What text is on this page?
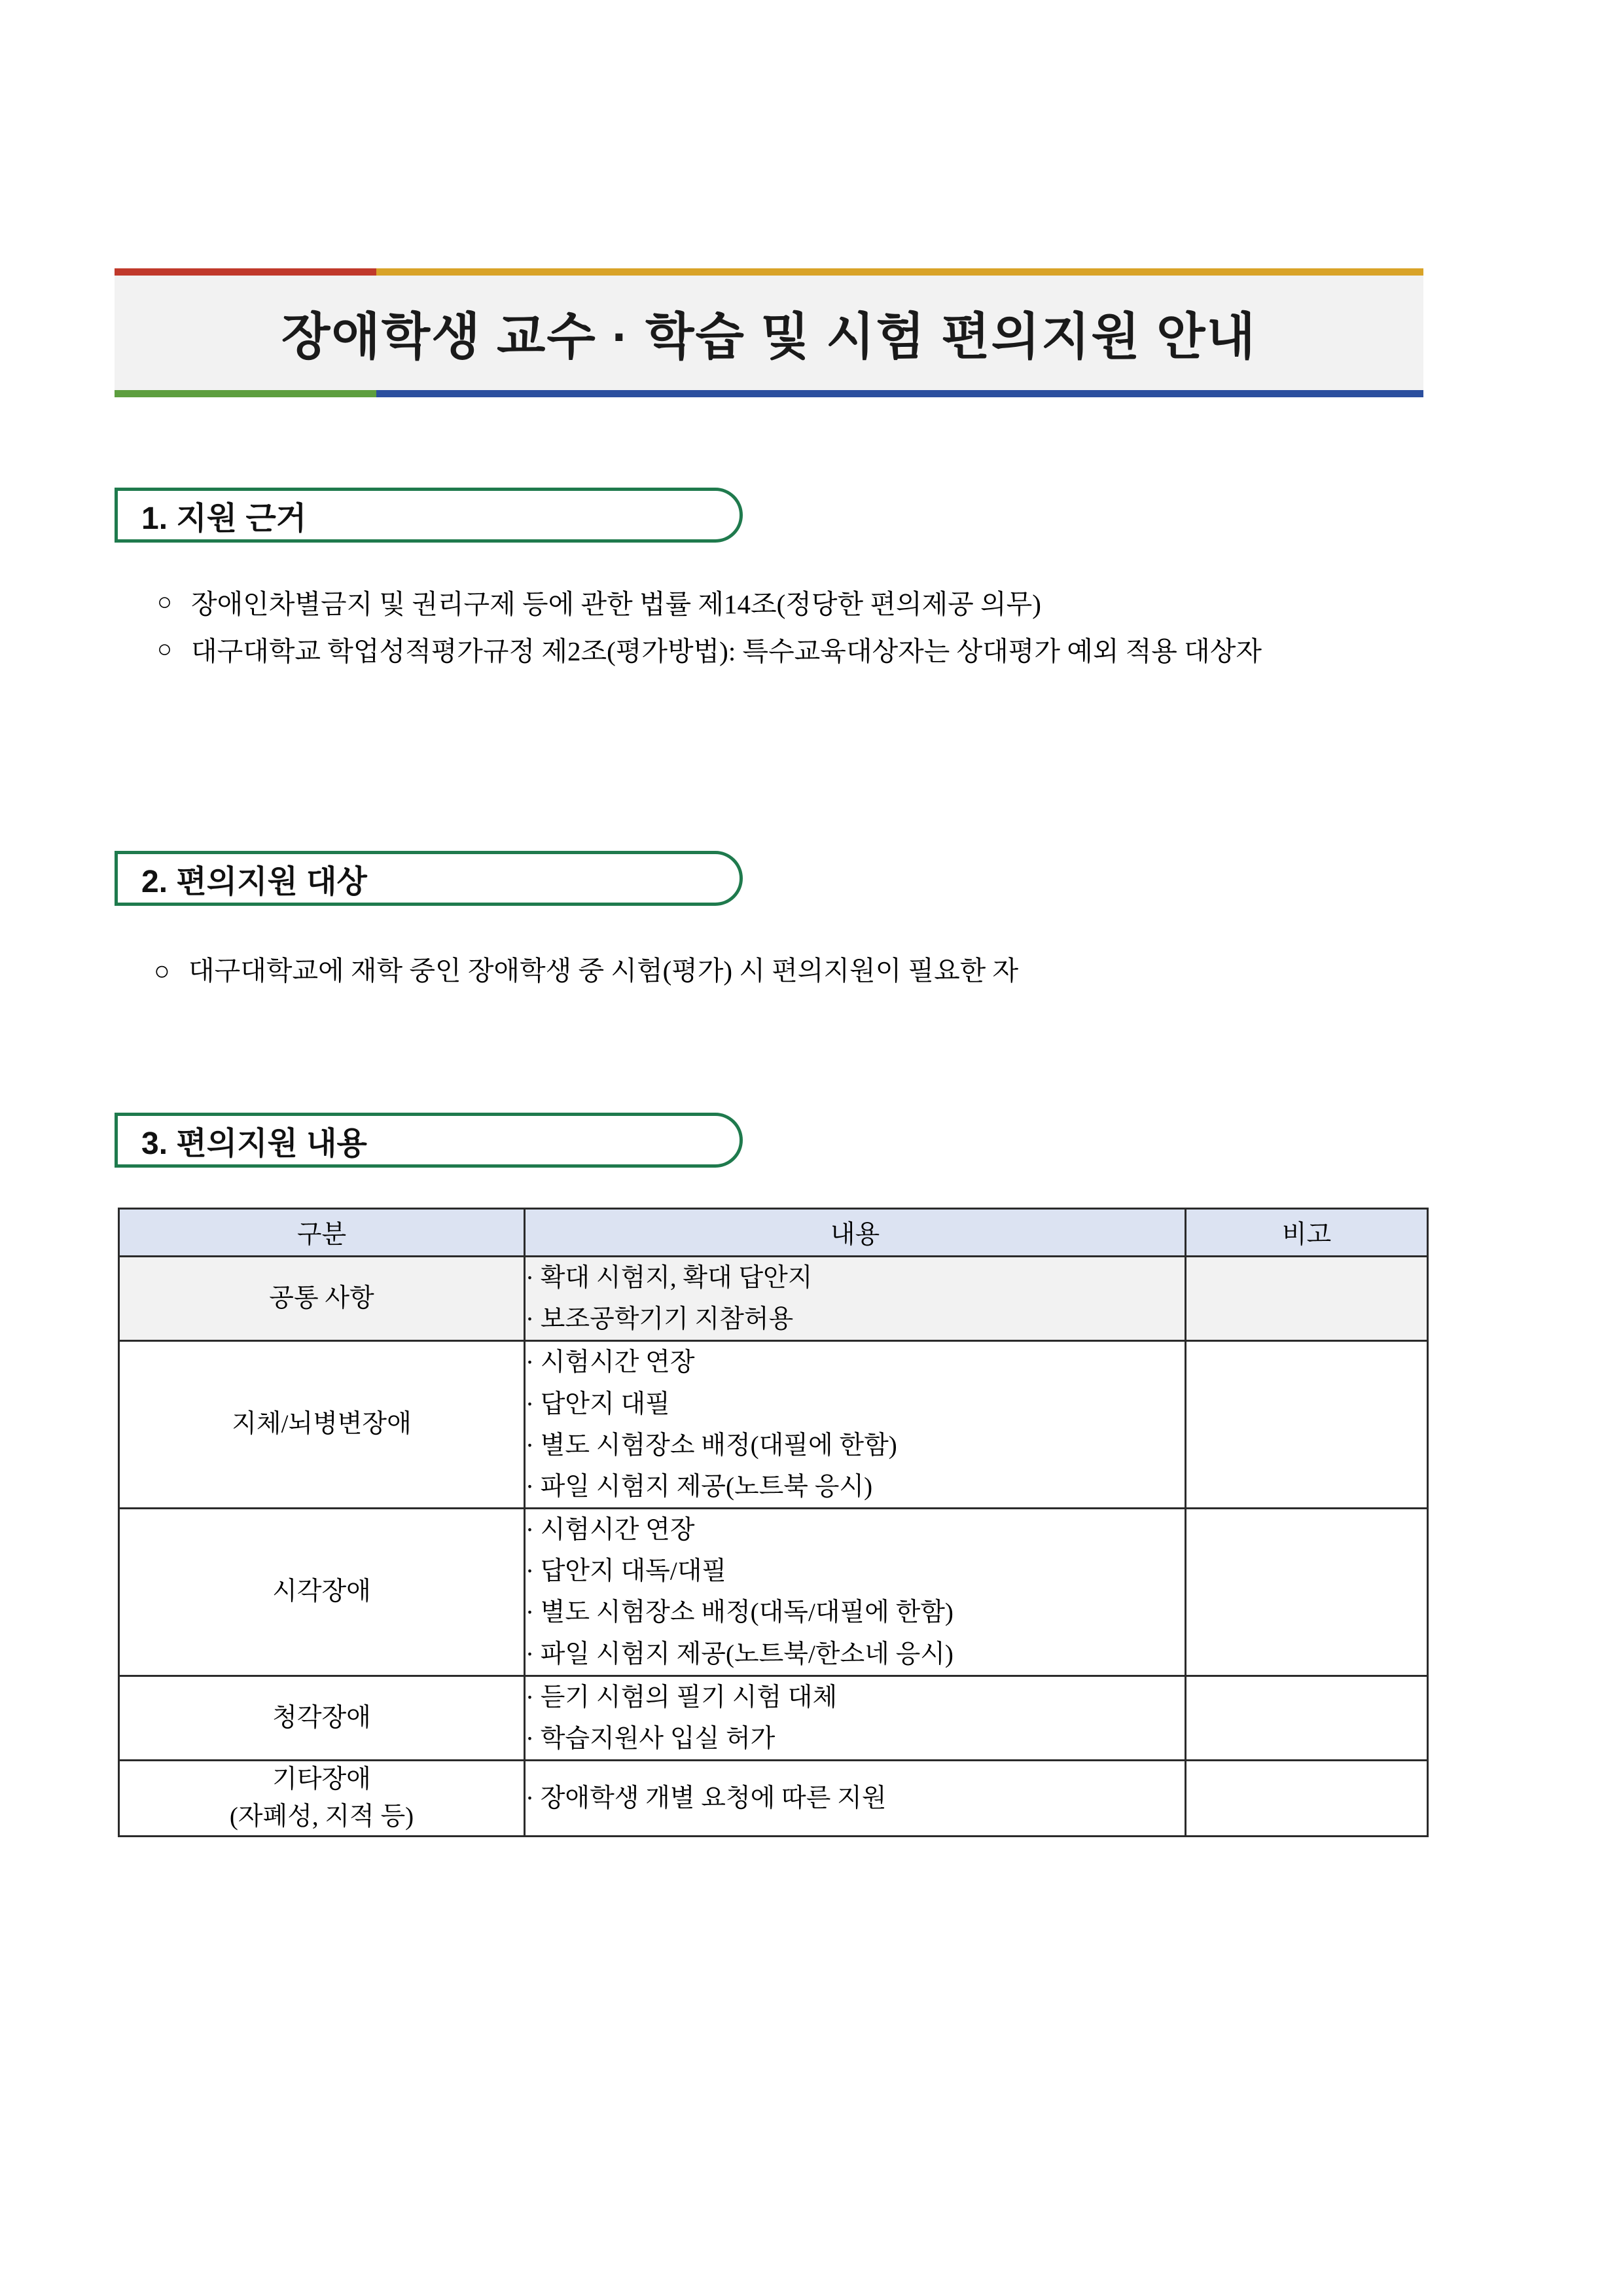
장애학생 교수 · 학습 및 시험 편의지원 안내
1. 지원 근거
○ 장애인차별금지 및 권리구제 등에 관한 법률 제14조(정당한 편의제공 의무)
○ 대구대학교 학업성적평가규정 제2조(평가방법): 특수교육대상자는 상대평가 예외 적용 대상자
2. 편의지원 대상
○ 대구대학교에 재학 중인 장애학생 중 시험(평가) 시 편의지원이 필요한 자
3. 편의지원 내용
구분	내용	비고
공통 사항	· 확대 시험지, 확대 답안지
· 보조공학기기 지참허용	

지체/뇌병변장애	· 시험시간 연장
· 답안지 대필
· 별도 시험장소 배정(대필에 한함)
· 파일 시험지 제공(노트북 응시)	

시각장애	· 시험시간 연장
· 답안지 대독/대필
· 별도 시험장소 배정(대독/대필에 한함)
· 파일 시험지 제공(노트북/한소네 응시)	

청각장애	· 듣기 시험의 필기 시험 대체
· 학습지원사 입실 허가	

기타장애
(자폐성, 지적 등)	· 장애학생 개별 요청에 따른 지원	
